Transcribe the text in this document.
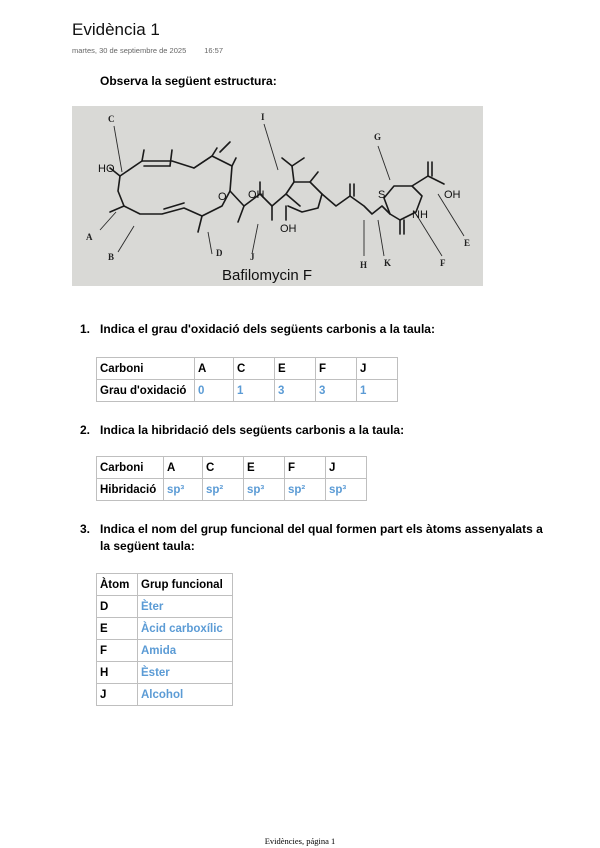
Evidència 1
martes, 30 de septiembre de 2025 16:57
Observa la següent estructura:
HO
O OH
OH
S
NH
OH
A
B
C
D
E
F
G
H
I
J
K
Bafilomycin F
1. Indica el grau d'oxidació dels següents carbonis a la taula:
Carboni	A	C	E	F	J
Grau d'oxidació	0	1	3	3	1
2. Indica la hibridació dels següents carbonis a la taula:
Carboni	A	C	E	F	J
Hibridació	sp³	sp²	sp³	sp²	sp³
3. Indica el nom del grup funcional del qual formen part els àtoms assenyalats a
la següent taula:
Àtom	Grup funcional
D	Èter
E	Àcid carboxílic
F	Amida
H	Èster
J	Alcohol
Evidències, página 1
